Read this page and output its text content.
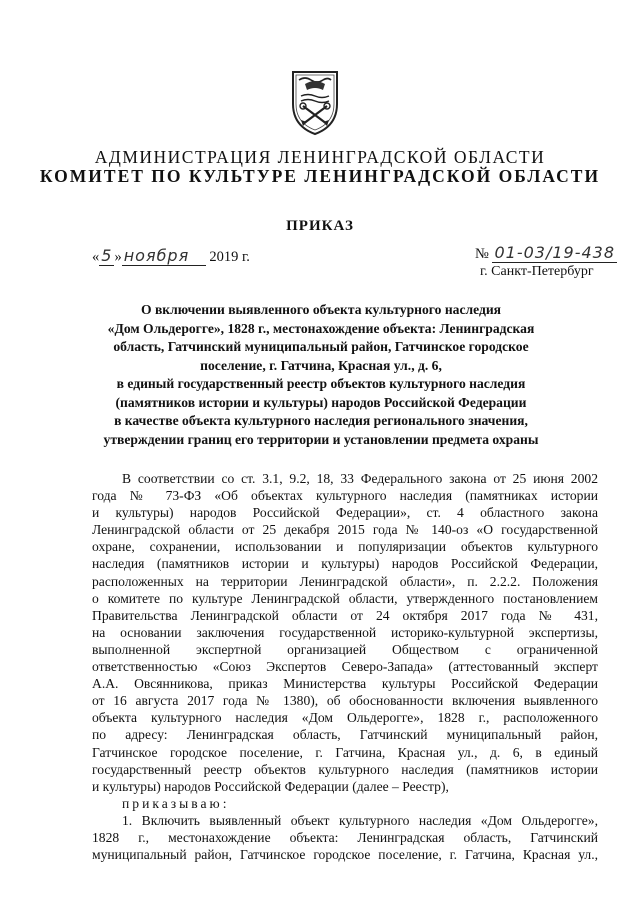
АДМИНИСТРАЦИЯ ЛЕНИНГРАДСКОЙ ОБЛАСТИ
КОМИТЕТ ПО КУЛЬТУРЕ ЛЕНИНГРАДСКОЙ ОБЛАСТИ
ПРИКАЗ
« 5 » ноября 2019 г.	№ 01-03/19-438
г. Санкт-Петербург
О включении выявленного объекта культурного наследия
«Дом Ольдерогге», 1828 г., местонахождение объекта: Ленинградская
область, Гатчинский муниципальный район, Гатчинское городское
поселение, г. Гатчина, Красная ул., д. 6,
в единый государственный реестр объектов культурного наследия
(памятников истории и культуры) народов Российской Федерации
в качестве объекта культурного наследия регионального значения,
утверждении границ его территории и установлении предмета охраны
В соответствии со ст. 3.1, 9.2, 18, 33 Федерального закона от 25 июня 2002
года № 73-ФЗ «Об объектах культурного наследия (памятниках истории
и культуры) народов Российской Федерации», ст. 4 областного закона
Ленинградской области от 25 декабря 2015 года № 140-оз «О государственной
охране, сохранении, использовании и популяризации объектов культурного
наследия (памятников истории и культуры) народов Российской Федерации,
расположенных на территории Ленинградской области», п. 2.2.2. Положения
о комитете по культуре Ленинградской области, утвержденного постановлением
Правительства Ленинградской области от 24 октября 2017 года № 431,
на основании заключения государственной историко-культурной экспертизы,
выполненной экспертной организацией Обществом с ограниченной
ответственностью «Союз Экспертов Северо-Запада» (аттестованный эксперт
А.А. Овсянникова, приказ Министерства культуры Российской Федерации
от 16 августа 2017 года № 1380), об обоснованности включения выявленного
объекта культурного наследия «Дом Ольдерогге», 1828 г., расположенного
по адресу: Ленинградская область, Гатчинский муниципальный район,
Гатчинское городское поселение, г. Гатчина, Красная ул., д. 6, в единый
государственный реестр объектов культурного наследия (памятников истории
и культуры) народов Российской Федерации (далее – Реестр),
приказываю:
1. Включить выявленный объект культурного наследия «Дом Ольдерогге»,
1828 г., местонахождение объекта: Ленинградская область, Гатчинский
муниципальный район, Гатчинское городское поселение, г. Гатчина, Красная ул.,
